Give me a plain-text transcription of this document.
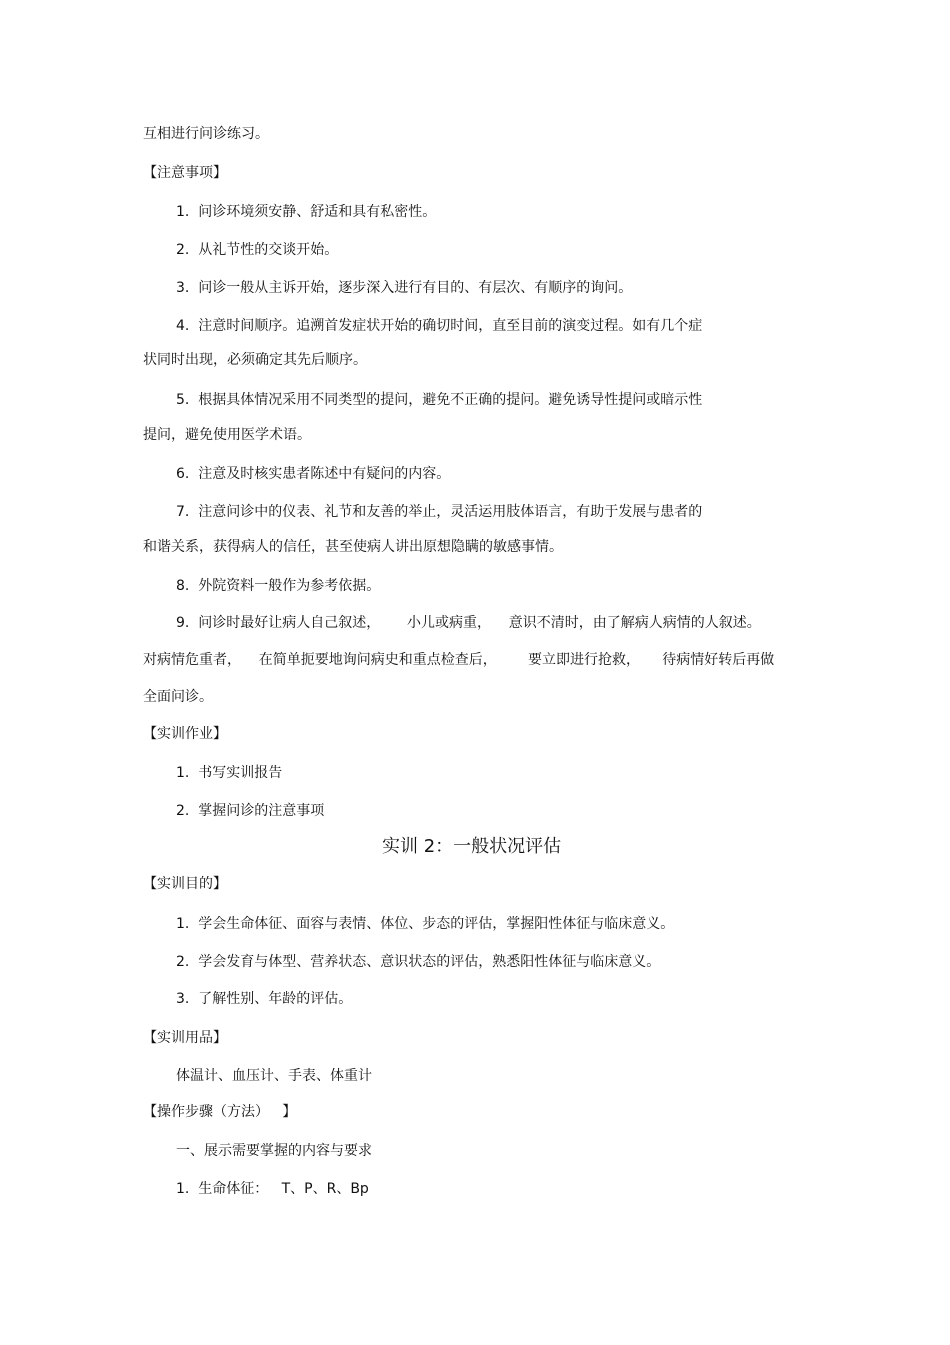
互相进行问诊练习。
【注意事项】
1.  问诊环境须安静、舒适和具有私密性。
2.  从礼节性的交谈开始。
3.  问诊一般从主诉开始，逐步深入进行有目的、有层次、有顺序的询问。
4.  注意时间顺序。追溯首发症状开始的确切时间，直至目前的演变过程。如有几个症
状同时出现，必须确定其先后顺序。
5.  根据具体情况采用不同类型的提问，避免不正确的提问。避免诱导性提问或暗示性
提问，避免使用医学术语。
6.  注意及时核实患者陈述中有疑问的内容。
7.  注意问诊中的仪表、礼节和友善的举止，灵活运用肢体语言，有助于发展与患者的
和谐关系，获得病人的信任，甚至使病人讲出原想隐瞒的敏感事情。
8.  外院资料一般作为参考依据。
9.  问诊时最好让病人自己叙述，      小儿或病重，    意识不清时，由了解病人病情的人叙述。
对病情危重者，    在简单扼要地询问病史和重点检查后，       要立即进行抢救，     待病情好转后再做
全面问诊。
【实训作业】
1.  书写实训报告
2.  掌握问诊的注意事项
实训 2：一般状况评估
【实训目的】
1.  学会生命体征、面容与表情、体位、步态的评估，掌握阳性体征与临床意义。
2.  学会发育与体型、营养状态、意识状态的评估，熟悉阳性体征与临床意义。
3.  了解性别、年龄的评估。
【实训用品】
体温计、血压计、手表、体重计
【操作步骤（方法）   】
一、展示需要掌握的内容与要求
1.  生命体征：   T、P、R、Bp
